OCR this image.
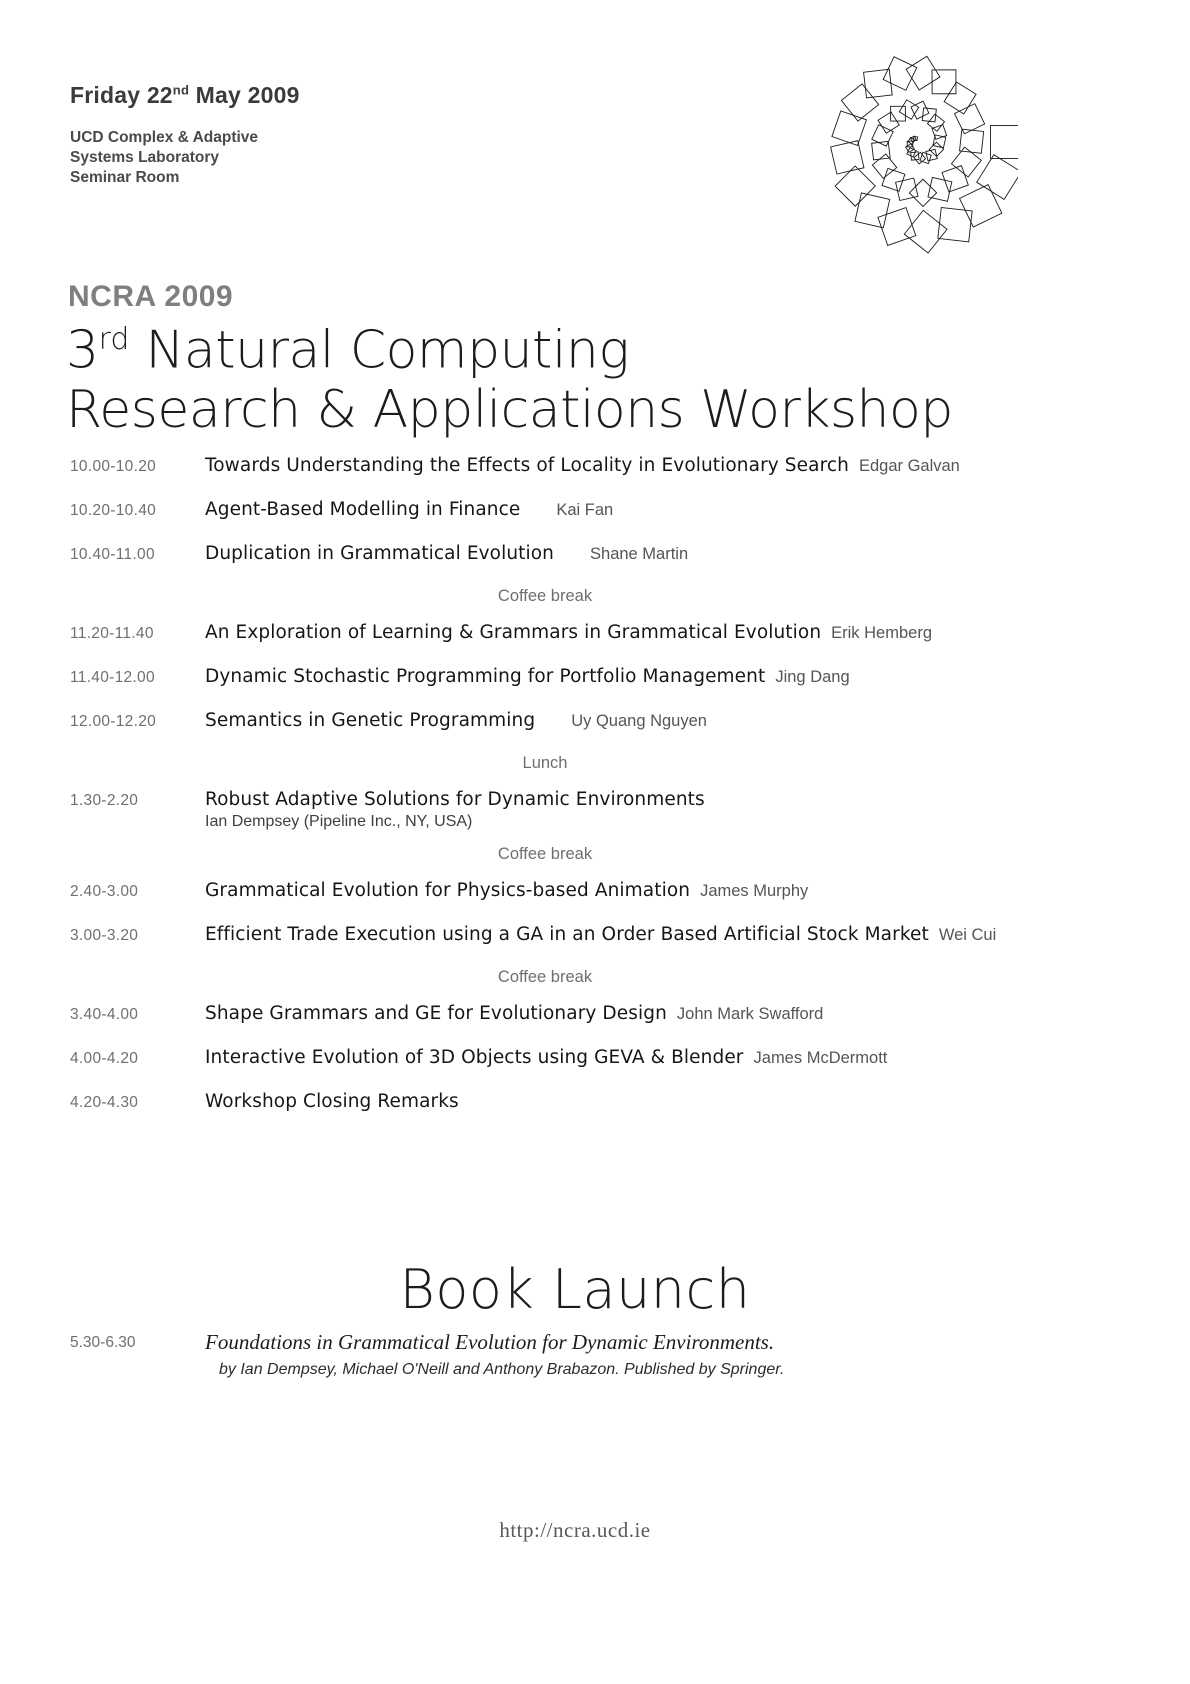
Friday 22nd May 2009
UCD Complex & Adaptive
Systems Laboratory
Seminar Room
NCRA 2009
3rd Natural Computing
Research & Applications Workshop
10.00-10.20	Towards Understanding the Effects of Locality in Evolutionary Search Edgar Galvan
10.20-10.40	Agent-Based Modelling in Finance Kai Fan
10.40-11.00	Duplication in Grammatical Evolution Shane Martin
Coffee break
11.20-11.40	An Exploration of Learning & Grammars in Grammatical Evolution Erik Hemberg
11.40-12.00	Dynamic Stochastic Programming for Portfolio Management Jing Dang
12.00-12.20	Semantics in Genetic Programming Uy Quang Nguyen
Lunch
1.30-2.20	Robust Adaptive Solutions for Dynamic Environments
Ian Dempsey (Pipeline Inc., NY, USA)
Coffee break
2.40-3.00	Grammatical Evolution for Physics-based Animation James Murphy
3.00-3.20	Efficient Trade Execution using a GA in an Order Based Artificial Stock Market Wei Cui
Coffee break
3.40-4.00	Shape Grammars and GE for Evolutionary Design John Mark Swafford
4.00-4.20	Interactive Evolution of 3D Objects using GEVA & Blender James McDermott
4.20-4.30	Workshop Closing Remarks
Book Launch
5.30-6.30	Foundations in Grammatical Evolution for Dynamic Environments.
by Ian Dempsey, Michael O'Neill and Anthony Brabazon. Published by Springer.
http://ncra.ucd.ie
